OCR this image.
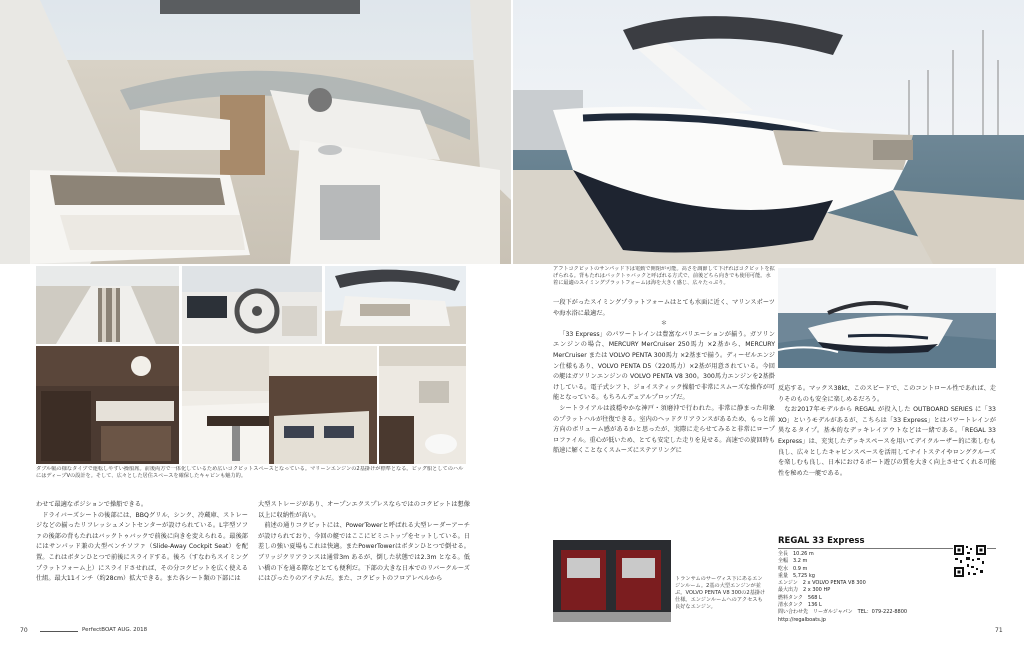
ダブル幅の様なタイプで運転しやすい操船席。前後両方で一体化しているため広いコクピットスペースとなっている。マリーンエンジンの2基掛けが標準となる。ビッグ船としてのハルにはディープVの設計を。そして、広々とした居住スペースを確保したキャビンも魅力的。

わせて最適なポジションで操船できる。

ドライバーズシートの後部には、BBQグリル、シンク、冷蔵庫、ストレージなどの揃ったリフレッシュメントセンターが設けられている。L字型ソファの後部の背もたれはバックトゥバックで前後に向きを変えられる。最後部にはサンパッド兼の大型ベンチソファ（Slide-Away Cockpit Seat）を配置。これはボタンひとつで前後にスライドする。後ろ（すなわちスイミングプラットフォーム上）にスライドさせれば、その分コクピットを広く使える仕組。最大11インチ（約28cm）拡大できる。また各シート類の下部には

大型ストレージがあり、オープンエクスプレスならではのコクピットは想像以上に収納性が高い。

前述の通りコクピットには、PowerTowerと呼ばれる大型レーダーアーチが設けられており、今回の艇ではここにビミニトップをセットしている。日差しの強い夏場もこれは快適。またPowerTowerはボタンひとつで倒せる。ブリッジクリアランスは通常3m あるが、倒した状態では2.3m となる。低い橋の下を通る際などとても便利だ。下部の大きな日本でのリバークルーズにはぴったりのアイテムだ。また、コクピットのフロアレベルから

アフトコクピットのサンパッド下は電動で開閉が可能。高さを調節して下げればコクピットを拡げられる。背もたれはバックトゥバックと呼ばれる方式で、前後どちら向きでも使用可能。水着に最適のスイミングプラットフォームは海を大きく感じ、広々たっぷり。

一段下がったスイミングプラットフォームはとても水面に近く、マリンスポーツや海水浴に最適だ。

＊

「33 Express」のパワートレインは豊富なバリエーションが揃う。ガソリンエンジンの場合、MERCURY MerCruiser 250馬力 ×2基から、MERCURY MerCruiser または VOLVO PENTA 300馬力 ×2基まで揃う。ディーゼルエンジン仕様もあり、VOLVO PENTA D5（220馬力）×2基が用意されている。今回の艇はガソリンエンジンの VOLVO PENTA V8 300。300馬力エンジンを2基掛けしている。電子式シフト、ジョイスティック操船で非常にスムーズな操作が可能となっている。もちろんデュアルプロップだ。

シートライアルは波穏やかな神戸・須磨沖で行われた。非常に静まった印象のプラットハルが往復できる。室内のヘッドクリアランスがあるため、もっと前方向のボリューム感があるかと思ったが、実際に走らせてみると非常にロープロファイル。重心が低いため、とても安定した走りを見せる。高速での旋回時も船速に解くことなくスムーズにステアリングに

反応する。マックス38kt、このスピードで、このコントロール性であれば、走りそのものも安全に楽しめるだろう。

なお2017年モデルから REGAL が投入した OUTBOARD SERIES に「33 XO」というモデルがあるが、こちらは「33 Express」とはパワートレインが異なるタイプ。基本的なデッキレイアウトなどは一緒である。「REGAL 33 Express」は、充実したデッキスペースを用いてデイクルーザー的に楽しむも良し、広々としたキャビンスペースを活用してナイトステイやロングクルーズを楽しむも良し、日本におけるボート遊びの質を大きく向上させてくれる可能性を秘めた一艇である。

トランサムのサーヴィス下にあるエンジンルーム。2基の大型エンジンが並ぶ。VOLVO PENTA V8 300の2基掛け仕様。エンジンルームへのアクセスも良好なエンジン。
REGAL 33 Express
全長　10.26 m
全幅　3.2 m
吃水　0.9 m
重量　5,725 kg
エンジン　2 x VOLVO PENTA V8 300
最大出力　2 x 300 HP
燃料タンク　568 L
清水タンク　136 L
問い合わせ先　リーガルジャパン　TEL：079-222-8800
http://regalboats.jp
70	PerfectBOAT AUG. 2018	71
